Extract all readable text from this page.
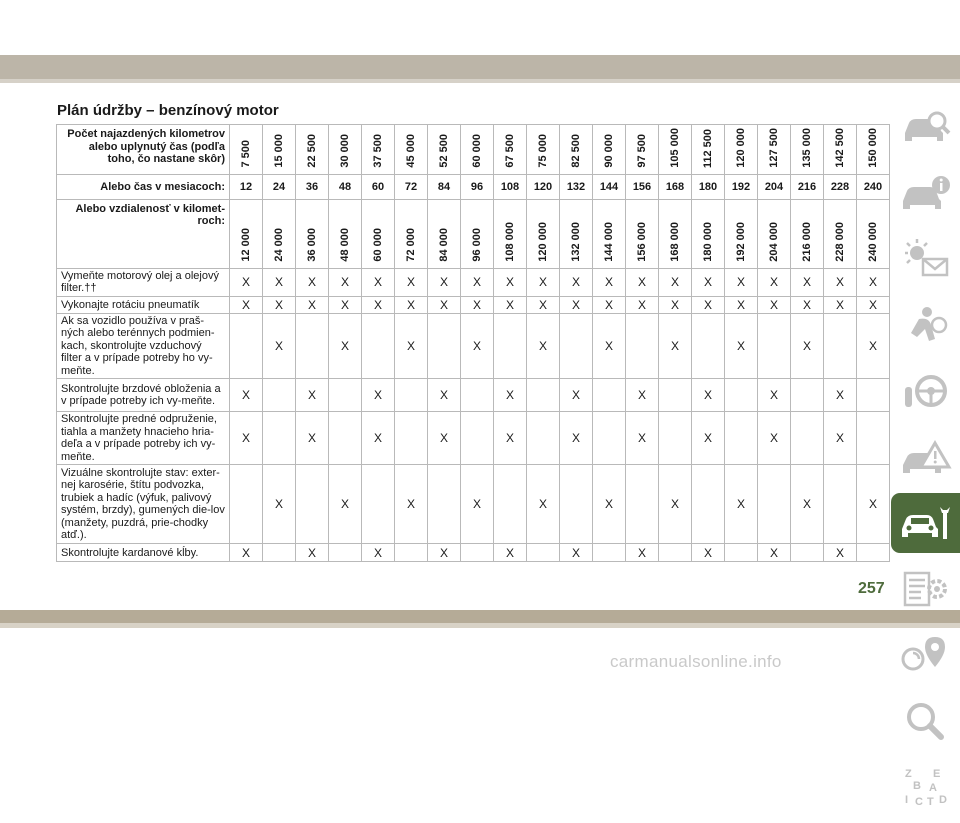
Plán údržby – benzínový motor
Počet najazdených kilometrov alebo uplynutý čas (podľa toho, čo nastane skôr)	7 500	15 000	22 500	30 000	37 500	45 000	52 500	60 000	67 500	75 000	82 500	90 000	97 500	105 000	112 500	120 000	127 500	135 000	142 500	150 000

Alebo čas v mesiacoch:	12	24	36	48	60	72	84	96	108	120	132	144	156	168	180	192	204	216	228	240
Alebo vzdialenosť v kilomet-roch:	12 000	24 000	36 000	48 000	60 000	72 000	84 000	96 000	108 000	120 000	132 000	144 000	156 000	168 000	180 000	192 000	204 000	216 000	228 000	240 000

Vymeňte motorový olej a olejový filter.††	X	X	X	X	X	X	X	X	X	X	X	X	X	X	X	X	X	X	X	X
Vykonajte rotáciu pneumatík	X	X	X	X	X	X	X	X	X	X	X	X	X	X	X	X	X	X	X	X
Ak sa vozidlo používa v praš-ných alebo terénnych podmien-kach, skontrolujte vzduchový filter a v prípade potreby ho vy-meňte.		X		X		X		X		X		X		X		X		X		X
Skontrolujte brzdové obloženia a v prípade potreby ich vy-meňte.	X		X		X		X		X		X		X		X		X		X	
Skontrolujte predné odpruženie, tiahla a manžety hnacieho hria-deľa a v prípade potreby ich vy-meňte.	X		X		X		X		X		X		X		X		X		X	
Vizuálne skontrolujte stav: exter-nej karosérie, štítu podvozka, trubiek a hadíc (výfuk, palivový systém, brzdy), gumených die-lov (manžety, puzdrá, prie-chodky atď.).		X		X		X		X		X		X		X		X		X		X
Skontrolujte kardanové kĺby.	X		X		X		X		X		X		X		X		X		X	
Z E
B A
I C T D
257
carmanualsonline.info
